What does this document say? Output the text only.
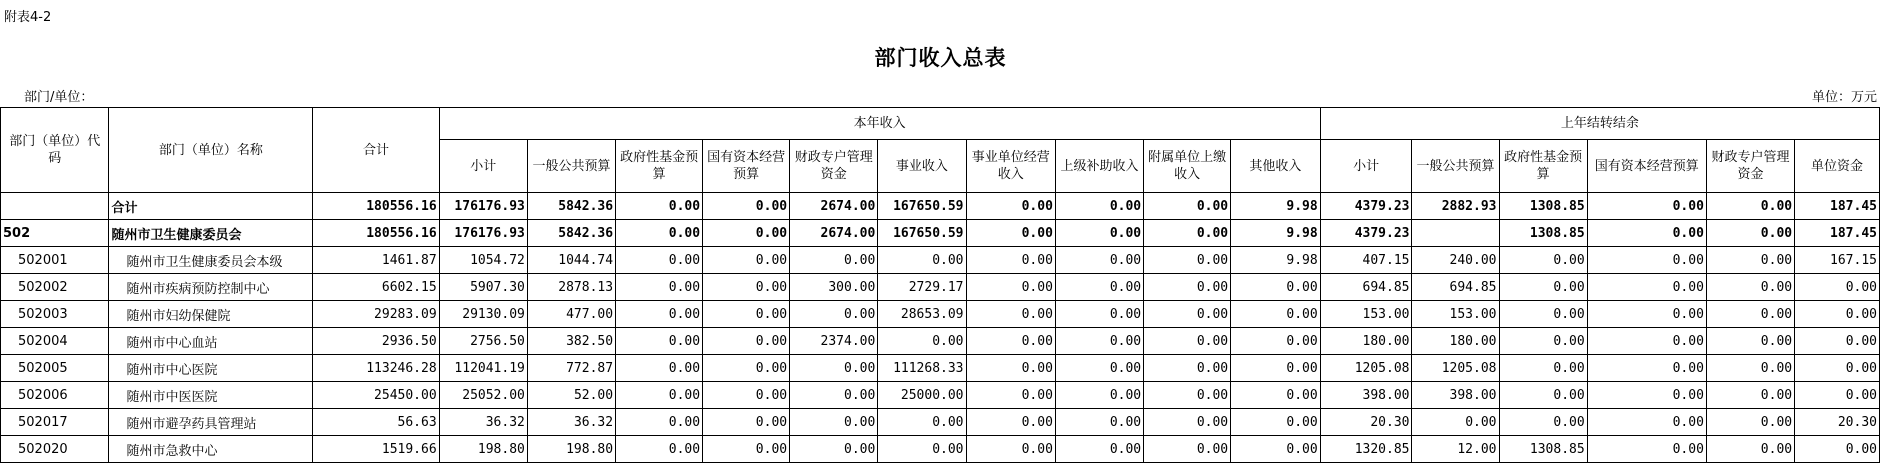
附表4-2
部门收入总表
部门/单位：	单位：万元
部门（单位）代码	部门（单位）名称	合计	本年收入										上年结转结余					
			小计	一般公共预算	政府性基金预算	国有资本经营预算	财政专户管理资金	事业收入	事业单位经营收入	上级补助收入	附属单位上缴收入	其他收入	小计	一般公共预算	政府性基金预算	国有资本经营预算	财政专户管理资金	单位资金
	合计	180556.16	176176.93	5842.36	0.00	0.00	2674.00	167650.59	0.00	0.00	0.00	9.98	4379.23	2882.93	1308.85	0.00	0.00	187.45
502	随州市卫生健康委员会	180556.16	176176.93	5842.36	0.00	0.00	2674.00	167650.59	0.00	0.00	0.00	9.98	4379.23		1308.85	0.00	0.00	187.45
502001	随州市卫生健康委员会本级	1461.87	1054.72	1044.74	0.00	0.00	0.00	0.00	0.00	0.00	0.00	9.98	407.15	240.00	0.00	0.00	0.00	167.15
502002	随州市疾病预防控制中心	6602.15	5907.30	2878.13	0.00	0.00	300.00	2729.17	0.00	0.00	0.00	0.00	694.85	694.85	0.00	0.00	0.00	0.00
502003	随州市妇幼保健院	29283.09	29130.09	477.00	0.00	0.00	0.00	28653.09	0.00	0.00	0.00	0.00	153.00	153.00	0.00	0.00	0.00	0.00
502004	随州市中心血站	2936.50	2756.50	382.50	0.00	0.00	2374.00	0.00	0.00	0.00	0.00	0.00	180.00	180.00	0.00	0.00	0.00	0.00
502005	随州市中心医院	113246.28	112041.19	772.87	0.00	0.00	0.00	111268.33	0.00	0.00	0.00	0.00	1205.08	1205.08	0.00	0.00	0.00	0.00
502006	随州市中医医院	25450.00	25052.00	52.00	0.00	0.00	0.00	25000.00	0.00	0.00	0.00	0.00	398.00	398.00	0.00	0.00	0.00	0.00
502017	随州市避孕药具管理站	56.63	36.32	36.32	0.00	0.00	0.00	0.00	0.00	0.00	0.00	0.00	20.30	0.00	0.00	0.00	0.00	20.30
502020	随州市急救中心	1519.66	198.80	198.80	0.00	0.00	0.00	0.00	0.00	0.00	0.00	0.00	1320.85	12.00	1308.85	0.00	0.00	0.00
